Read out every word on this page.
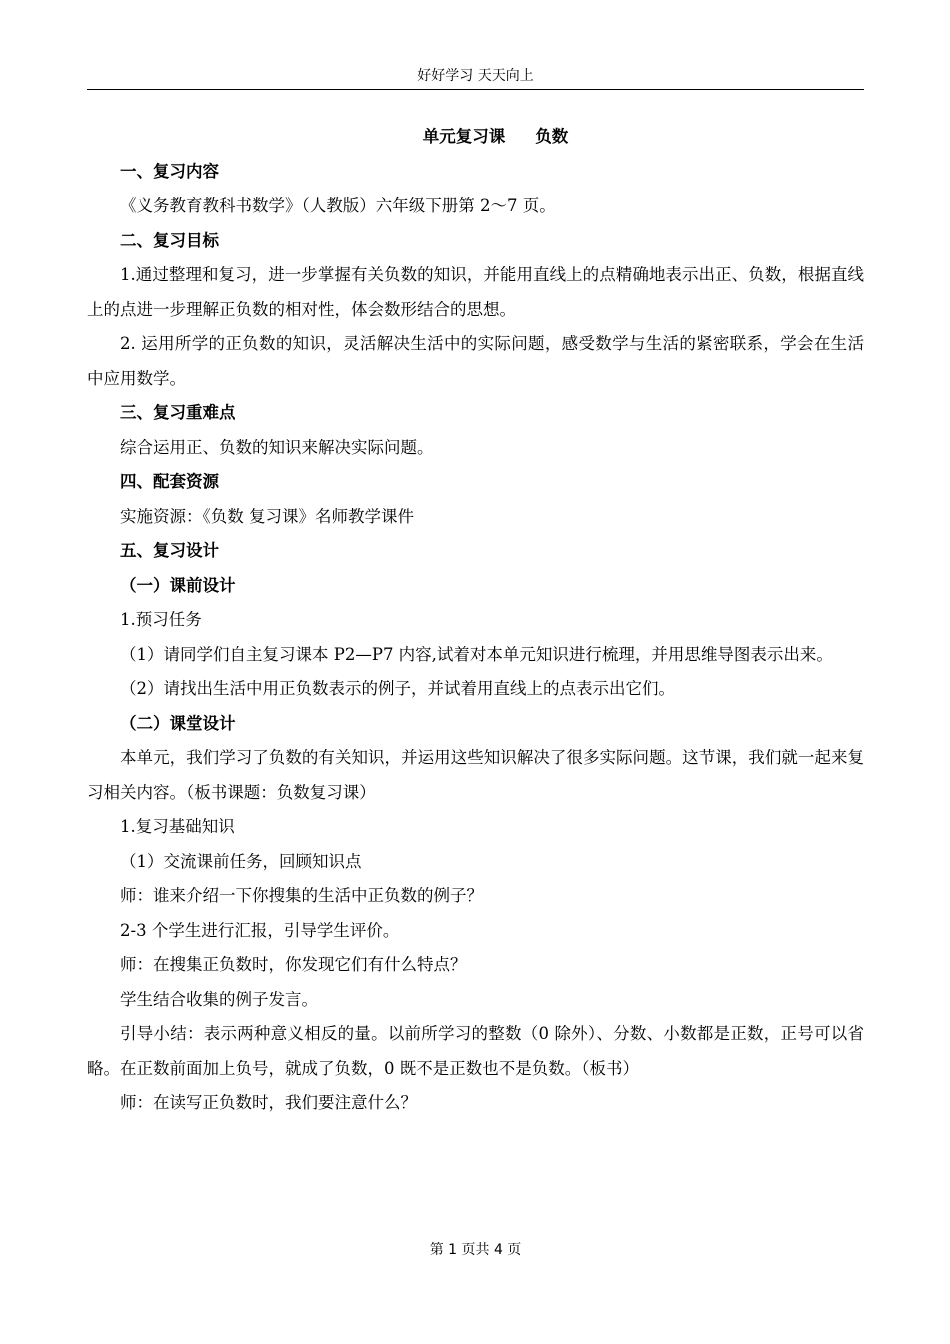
好好学习 天天向上
单元复习课 负数

一、复习内容

《义务教育教科书数学》（人教版）六年级下册第 2～7 页。

二、复习目标

1.通过整理和复习，进一步掌握有关负数的知识，并能用直线上的点精确地表示出正、负数，根据直线上的点进一步理解正负数的相对性，体会数形结合的思想。

2. 运用所学的正负数的知识，灵活解决生活中的实际问题，感受数学与生活的紧密联系，学会在生活中应用数学。

三、复习重难点

综合运用正、负数的知识来解决实际问题。

四、配套资源

实施资源：《负数 复习课》名师教学课件

五、复习设计

（一）课前设计

1.预习任务

（1）请同学们自主复习课本 P2—P7 内容,试着对本单元知识进行梳理，并用思维导图表示出来。

（2）请找出生活中用正负数表示的例子，并试着用直线上的点表示出它们。

（二）课堂设计

本单元，我们学习了负数的有关知识，并运用这些知识解决了很多实际问题。这节课，我们就一起来复习相关内容。（板书课题：负数复习课）

1.复习基础知识

（1）交流课前任务，回顾知识点

师：谁来介绍一下你搜集的生活中正负数的例子？

2-3 个学生进行汇报，引导学生评价。

师：在搜集正负数时，你发现它们有什么特点？

学生结合收集的例子发言。

引导小结：表示两种意义相反的量。以前所学习的整数（0 除外）、分数、小数都是正数，正号可以省略。在正数前面加上负号，就成了负数，0 既不是正数也不是负数。（板书）

师：在读写正负数时，我们要注意什么？

第 1 页共 4 页
